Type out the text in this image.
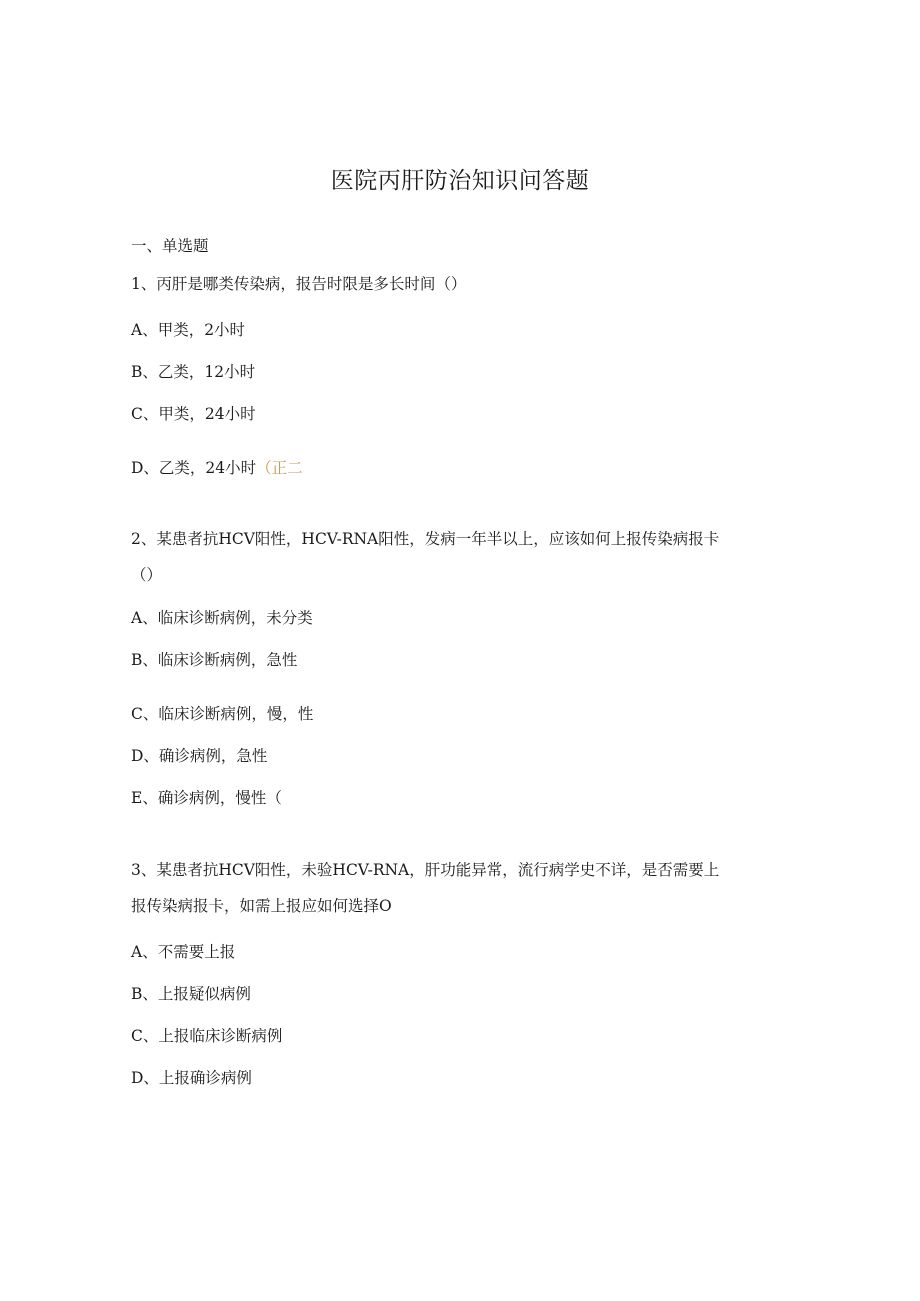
医院丙肝防治知识问答题
一、单选题
1、丙肝是哪类传染病，报告时限是多长时间（）
A、甲类，2小时
B、乙类，12小时
C、甲类，24小时
D、乙类，24小时（正二
2、某患者抗HCV阳性，HCV-RNA阳性，发病一年半以上，应该如何上报传染病报卡
（）
A、临床诊断病例，未分类
B、临床诊断病例，急性
C、临床诊断病例，慢，性
D、确诊病例，急性
E、确诊病例，慢性（
3、某患者抗HCV阳性，未验HCV-RNA，肝功能异常，流行病学史不详，是否需要上
报传染病报卡，如需上报应如何选择O
A、不需要上报
B、上报疑似病例
C、上报临床诊断病例
D、上报确诊病例
